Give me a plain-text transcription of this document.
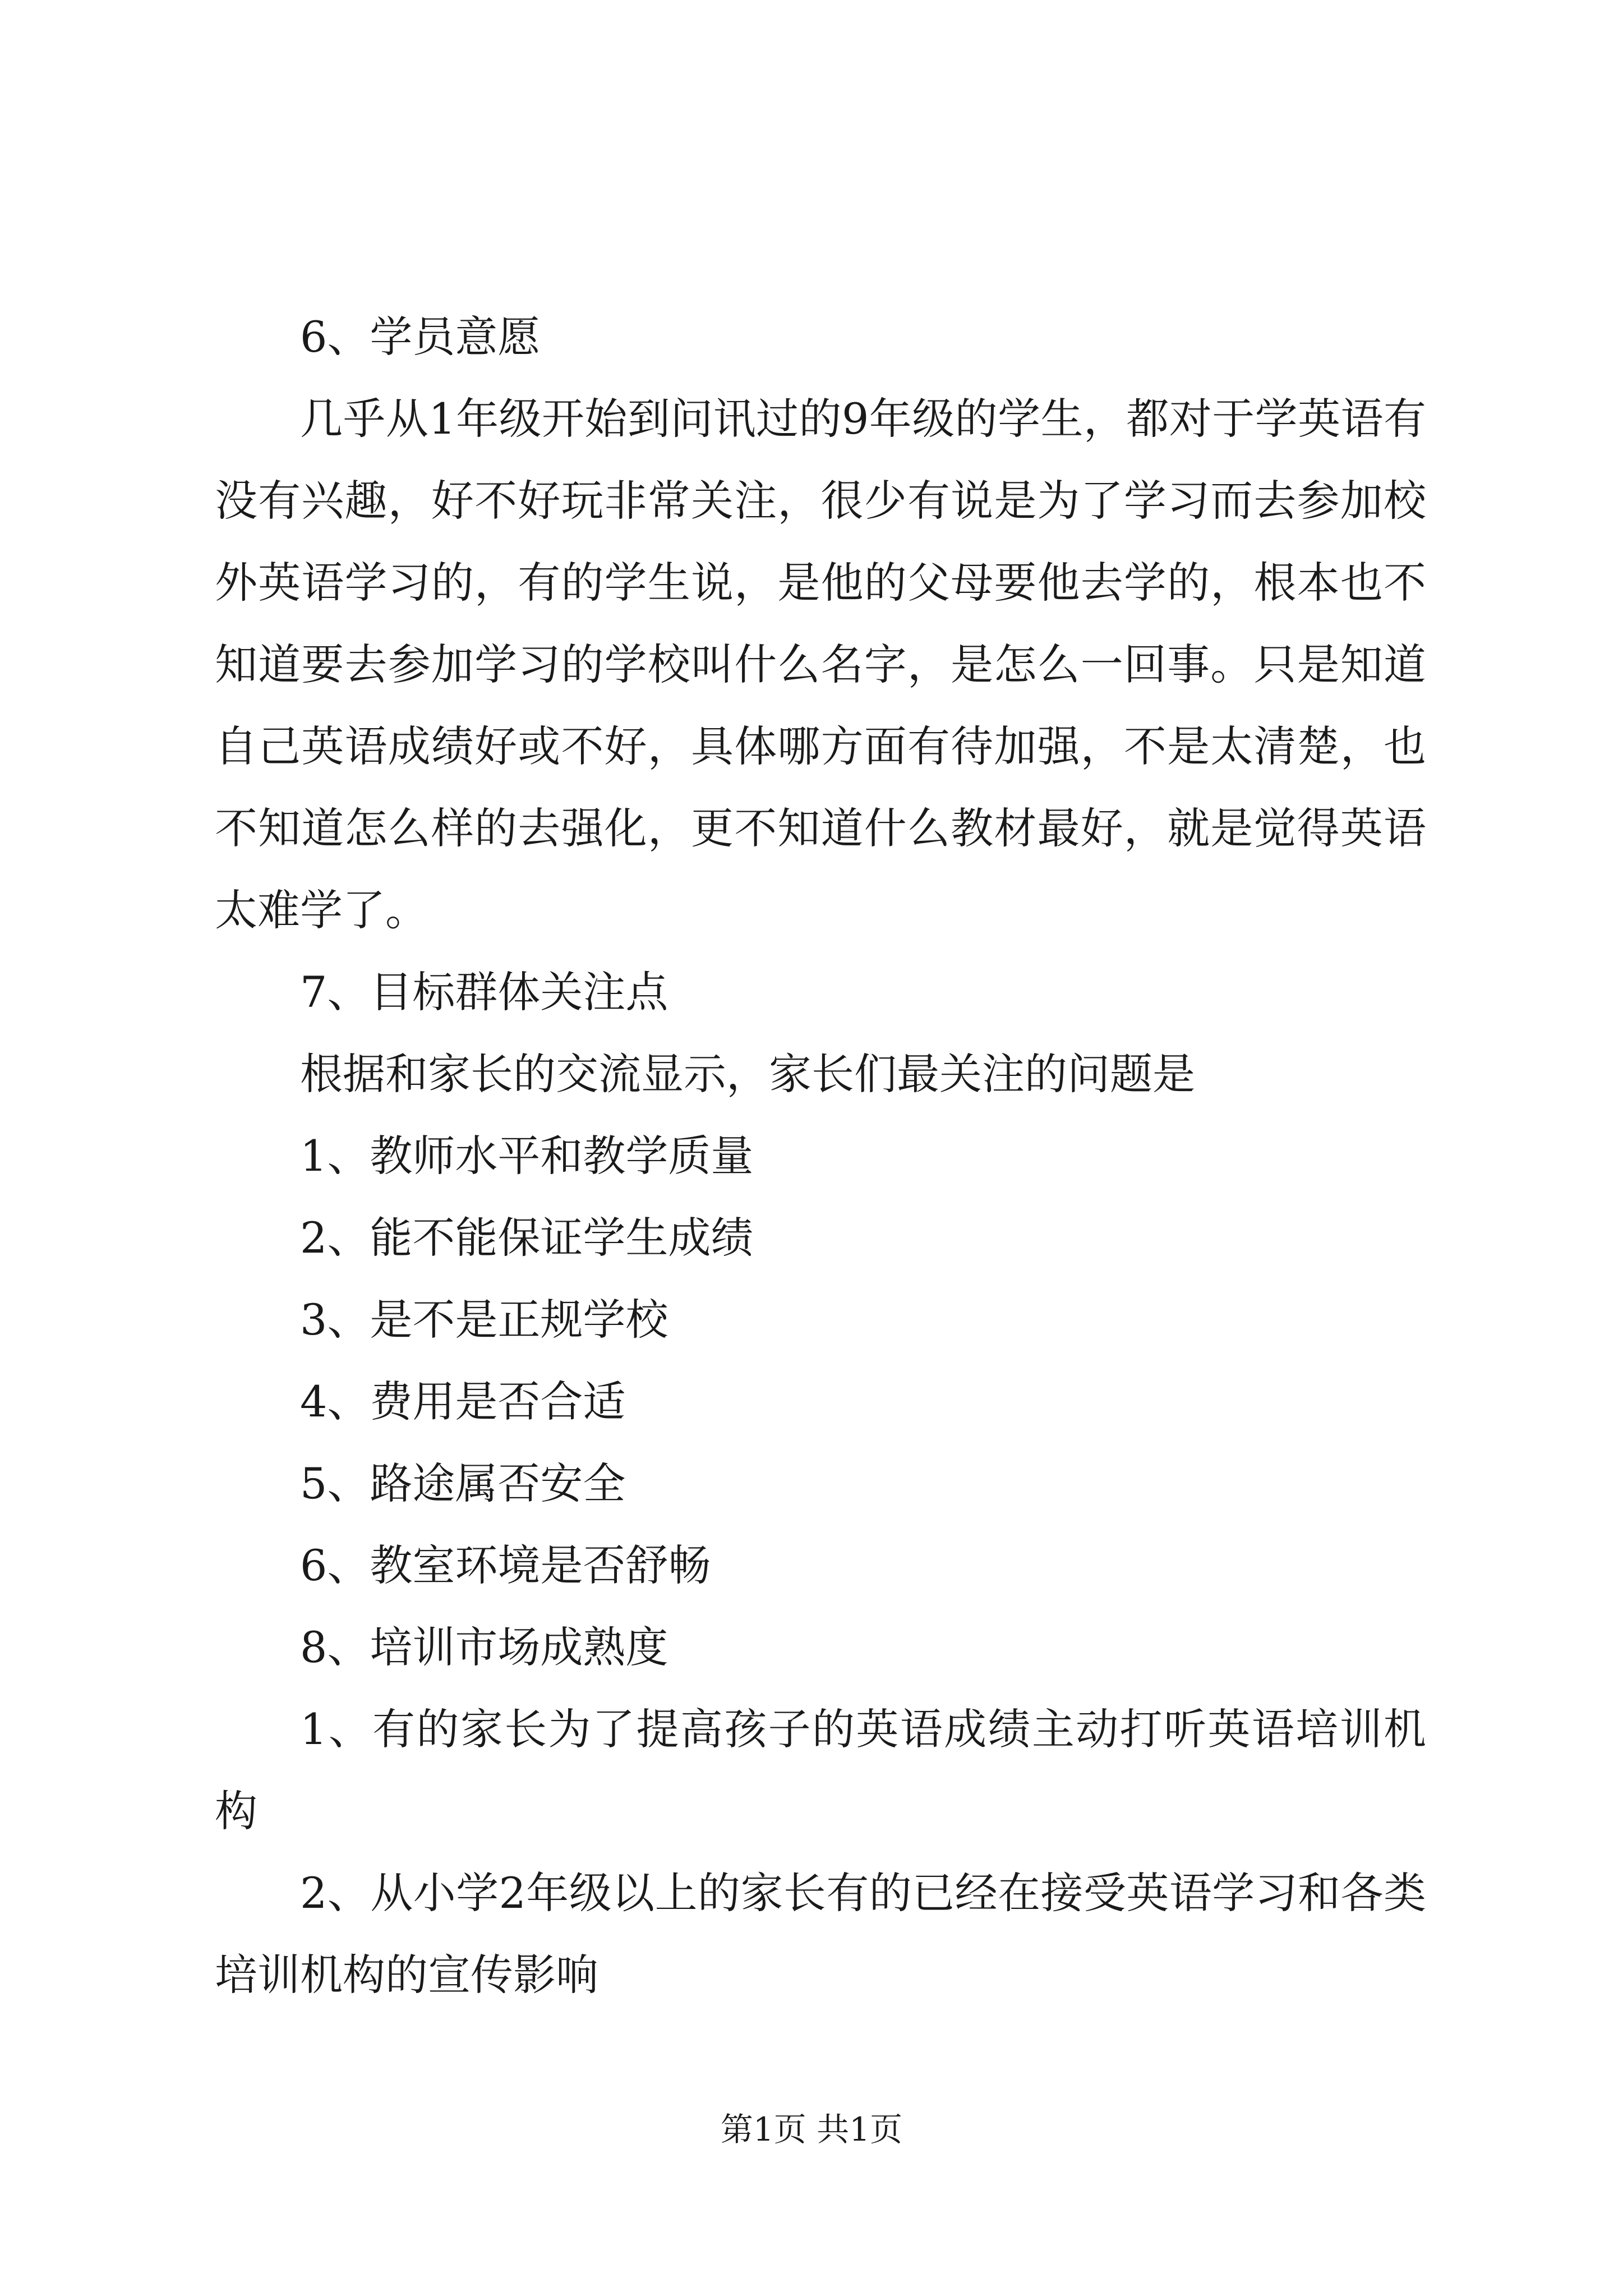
6、学员意愿

几乎从1年级开始到问讯过的9年级的学生，都对于学英语有没有兴趣，好不好玩非常关注，很少有说是为了学习而去参加校外英语学习的，有的学生说，是他的父母要他去学的，根本也不知道要去参加学习的学校叫什么名字，是怎么一回事。只是知道自己英语成绩好或不好，具体哪方面有待加强，不是太清楚，也不知道怎么样的去强化，更不知道什么教材最好，就是觉得英语太难学了。

7、目标群体关注点

根据和家长的交流显示，家长们最关注的问题是

1、教师水平和教学质量

2、能不能保证学生成绩

3、是不是正规学校

4、费用是否合适

5、路途属否安全

6、教室环境是否舒畅

8、培训市场成熟度

1、有的家长为了提高孩子的英语成绩主动打听英语培训机构

2、从小学2年级以上的家长有的已经在接受英语学习和各类培训机构的宣传影响

第1页 共1页
